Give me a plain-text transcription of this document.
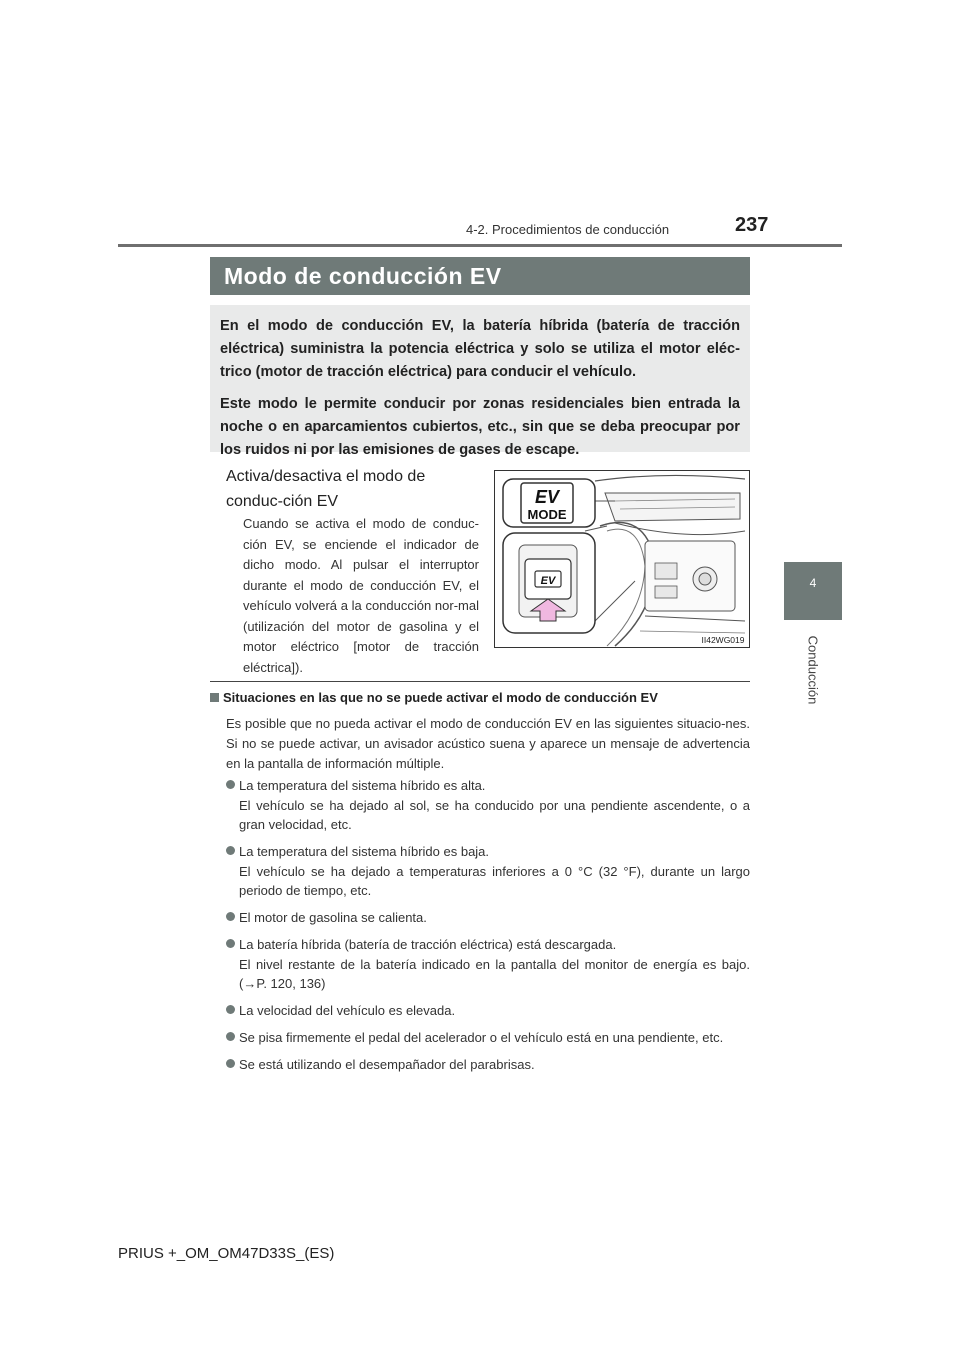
4-2. Procedimientos de conducción	237
4
Conducción
Modo de conducción EV

En el modo de conducción EV, la batería híbrida (batería de tracción eléctrica) suministra la potencia eléctrica y solo se utiliza el motor eléc-trico (motor de tracción eléctrica) para conducir el vehículo.

Este modo le permite conducir por zonas residenciales bien entrada la noche o en aparcamientos cubiertos, etc., sin que se deba preocupar por los ruidos ni por las emisiones de gases de escape.

Activa/desactiva el modo de conduc-ción EV
Cuando se activa el modo de conduc-ción EV, se enciende el indicador de dicho modo. Al pulsar el interruptor durante el modo de conducción EV, el vehículo volverá a la conducción nor-mal (utilización del motor de gasolina y el motor eléctrico [motor de tracción eléctrica]).
EV
MODE
EV
II42WG019
Situaciones en las que no se puede activar el modo de conducción EV
Es posible que no pueda activar el modo de conducción EV en las siguientes situacio-nes. Si no se puede activar, un avisador acústico suena y aparece un mensaje de advertencia en la pantalla de información múltiple.
La temperatura del sistema híbrido es alta.
El vehículo se ha dejado al sol, se ha conducido por una pendiente ascendente, o a gran velocidad, etc.
La temperatura del sistema híbrido es baja.
El vehículo se ha dejado a temperaturas inferiores a 0 °C (32 °F), durante un largo periodo de tiempo, etc.
El motor de gasolina se calienta.
La batería híbrida (batería de tracción eléctrica) está descargada.
El nivel restante de la batería indicado en la pantalla del monitor de energía es bajo. (→P. 120, 136)
La velocidad del vehículo es elevada.
Se pisa firmemente el pedal del acelerador o el vehículo está en una pendiente, etc.
Se está utilizando el desempañador del parabrisas.
PRIUS +_OM_OM47D33S_(ES)
